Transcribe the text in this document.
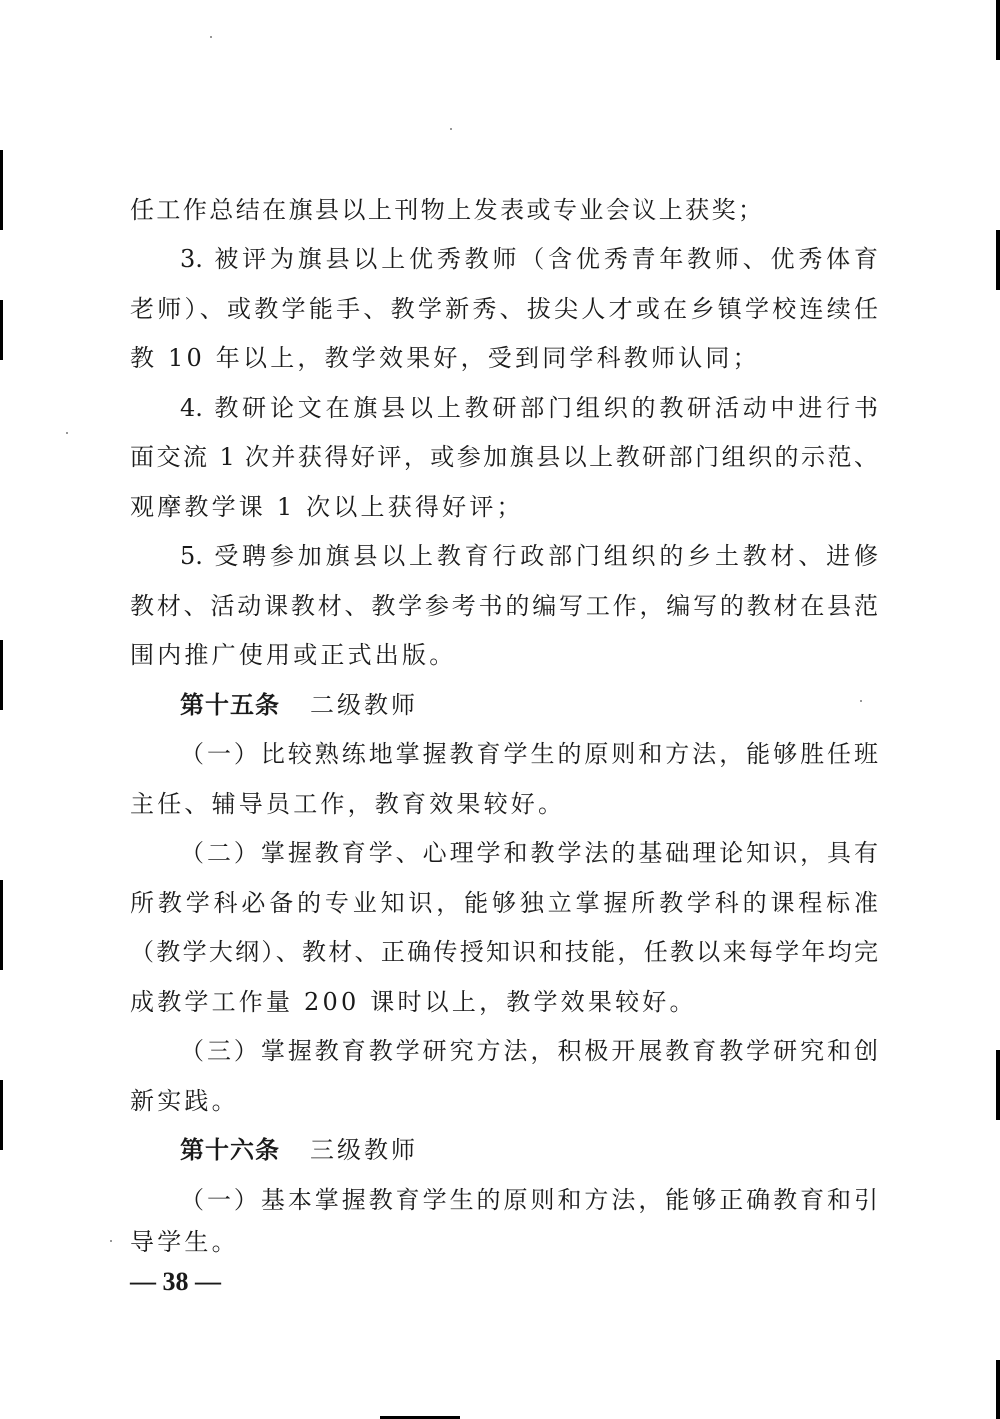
任工作总结在旗县以上刊物上发表或专业会议上获奖；
3. 被评为旗县以上优秀教师（含优秀青年教师、优秀体育
老师）、或教学能手、教学新秀、拔尖人才或在乡镇学校连续任
教 10 年以上，教学效果好，受到同学科教师认同；
4. 教研论文在旗县以上教研部门组织的教研活动中进行书
面交流 1 次并获得好评，或参加旗县以上教研部门组织的示范、
观摩教学课 1 次以上获得好评；
5. 受聘参加旗县以上教育行政部门组织的乡土教材、进修
教材、活动课教材、教学参考书的编写工作，编写的教材在县范
围内推广使用或正式出版。
第十五条 二级教师
（一）比较熟练地掌握教育学生的原则和方法，能够胜任班
主任、辅导员工作，教育效果较好。
（二）掌握教育学、心理学和教学法的基础理论知识，具有
所教学科必备的专业知识，能够独立掌握所教学科的课程标准
（教学大纲）、教材、正确传授知识和技能，任教以来每学年均完
成教学工作量 200 课时以上，教学效果较好。
（三）掌握教育教学研究方法，积极开展教育教学研究和创
新实践。
第十六条 三级教师
（一）基本掌握教育学生的原则和方法，能够正确教育和引
导学生。
— 38 —
